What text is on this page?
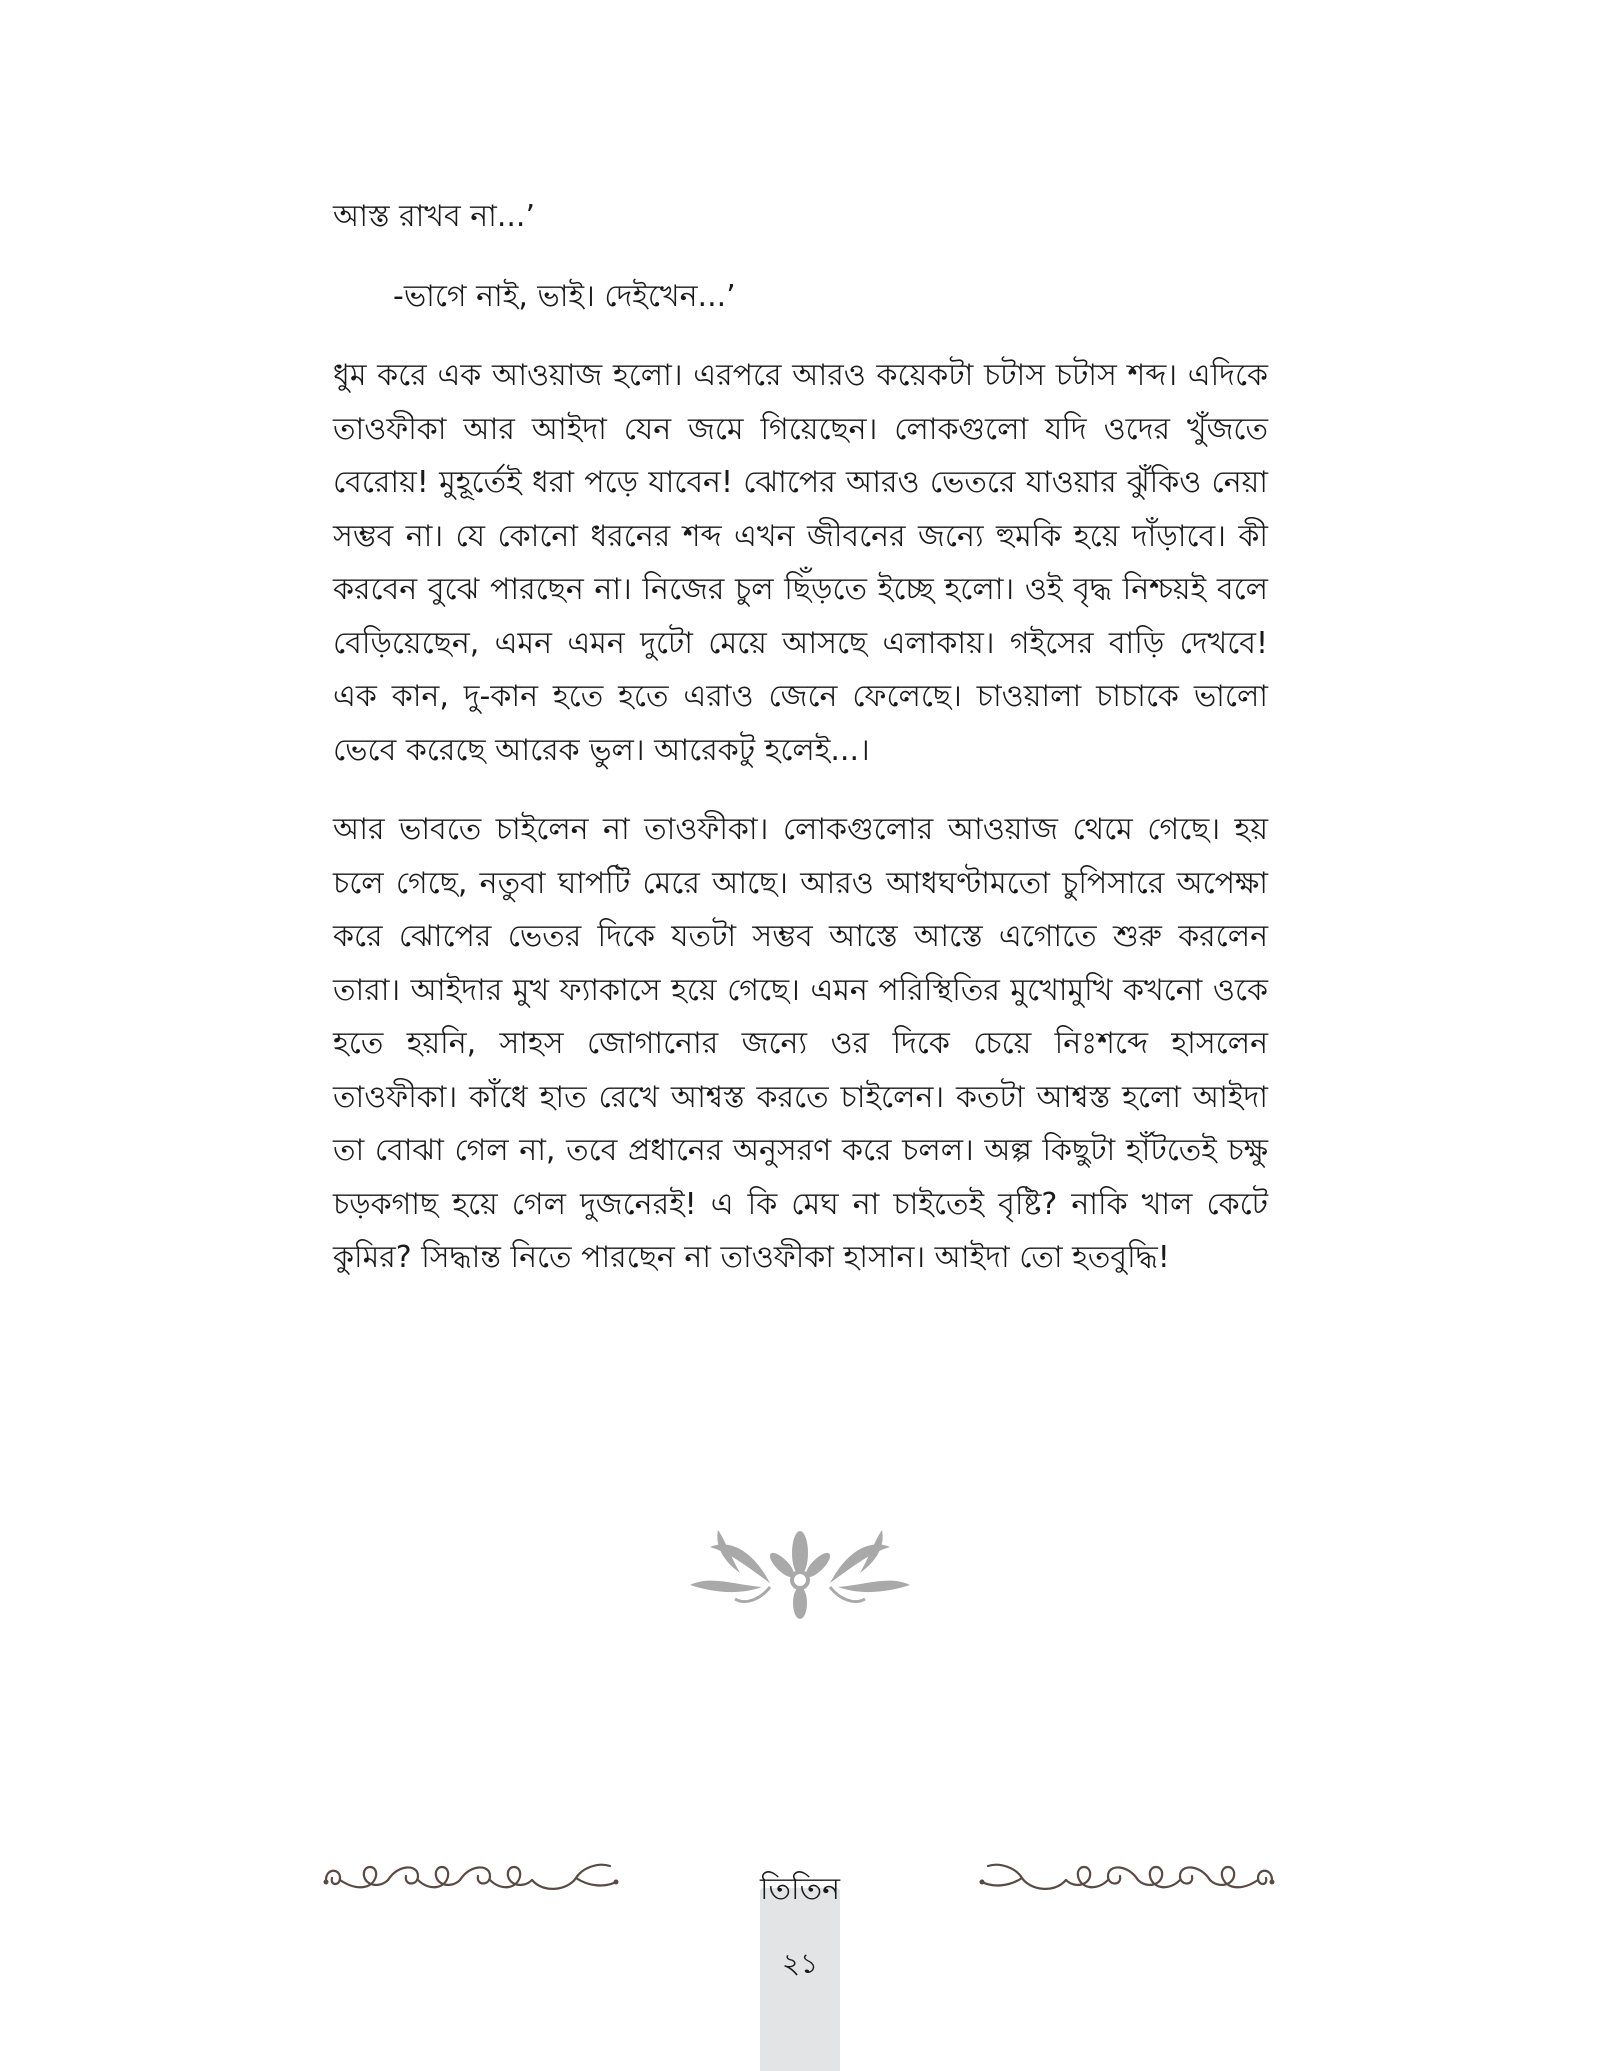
আস্ত রাখব না...’

-ভাগে নাই, ভাই। দেইখেন...’

ধুম করে এক আওয়াজ হলো। এরপরে আরও কয়েকটা চটাস চটাস শব্দ। এদিকে তাওফীকা আর আইদা যেন জমে গিয়েছেন। লোকগুলো যদি ওদের খুঁজতে বেরোয়! মুহূর্তেই ধরা পড়ে যাবেন! ঝোপের আরও ভেতরে যাওয়ার ঝুঁকিও নেয়া সম্ভব না। যে কোনো ধরনের শব্দ এখন জীবনের জন্যে হুমকি হয়ে দাঁড়াবে। কী করবেন বুঝে পারছেন না। নিজের চুল ছিঁড়তে ইচ্ছে হলো। ওই বৃদ্ধ নিশ্চয়ই বলে বেড়িয়েছেন, এমন এমন দুটো মেয়ে আসছে এলাকায়। গইসের বাড়ি দেখবে! এক কান, দু-কান হতে হতে এরাও জেনে ফেলেছে। চাওয়ালা চাচাকে ভালো ভেবে করেছে আরেক ভুল। আরেকটু হলেই...।

আর ভাবতে চাইলেন না তাওফীকা। লোকগুলোর আওয়াজ থেমে গেছে। হয় চলে গেছে, নতুবা ঘাপটি মেরে আছে। আরও আধঘণ্টামতো চুপিসারে অপেক্ষা করে ঝোপের ভেতর দিকে যতটা সম্ভব আস্তে আস্তে এগোতে শুরু করলেন তারা। আইদার মুখ ফ্যাকাসে হয়ে গেছে। এমন পরিস্থিতির মুখোমুখি কখনো ওকে হতে হয়নি, সাহস জোগানোর জন্যে ওর দিকে চেয়ে নিঃশব্দে হাসলেন তাওফীকা। কাঁধে হাত রেখে আশ্বস্ত করতে চাইলেন। কতটা আশ্বস্ত হলো আইদা তা বোঝা গেল না, তবে প্রধানের অনুসরণ করে চলল। অল্প কিছুটা হাঁটতেই চক্ষু চড়কগাছ হয়ে গেল দুজনেরই! এ কি মেঘ না চাইতেই বৃষ্টি? নাকি খাল কেটে কুমির? সিদ্ধান্ত নিতে পারছেন না তাওফীকা হাসান। আইদা তো হতবুদ্ধি!

তিতিন
২১
